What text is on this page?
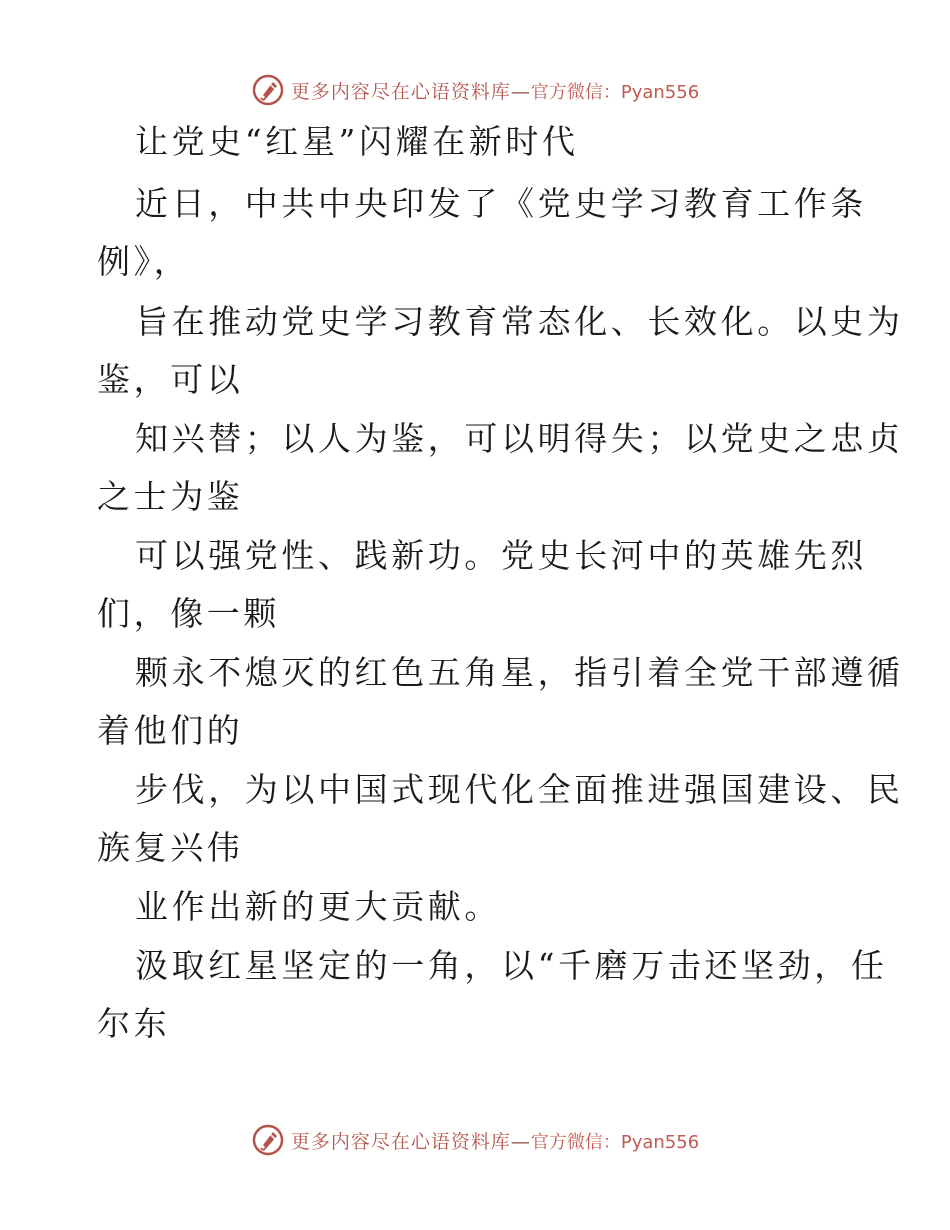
更多内容尽在心语资料库—官方微信：Pyan556
让党史“红星”闪耀在新时代
近日，中共中央印发了《党史学习教育工作条
例》，
旨在推动党史学习教育常态化、长效化。以史为
鉴，可以
知兴替；以人为鉴，可以明得失；以党史之忠贞
之士为鉴
可以强党性、践新功。党史长河中的英雄先烈
们，像一颗
颗永不熄灭的红色五角星，指引着全党干部遵循
着他们的
步伐，为以中国式现代化全面推进强国建设、民
族复兴伟
业作出新的更大贡献。
汲取红星坚定的一角，以“千磨万击还坚劲，任
尔东
更多内容尽在心语资料库—官方微信：Pyan556
